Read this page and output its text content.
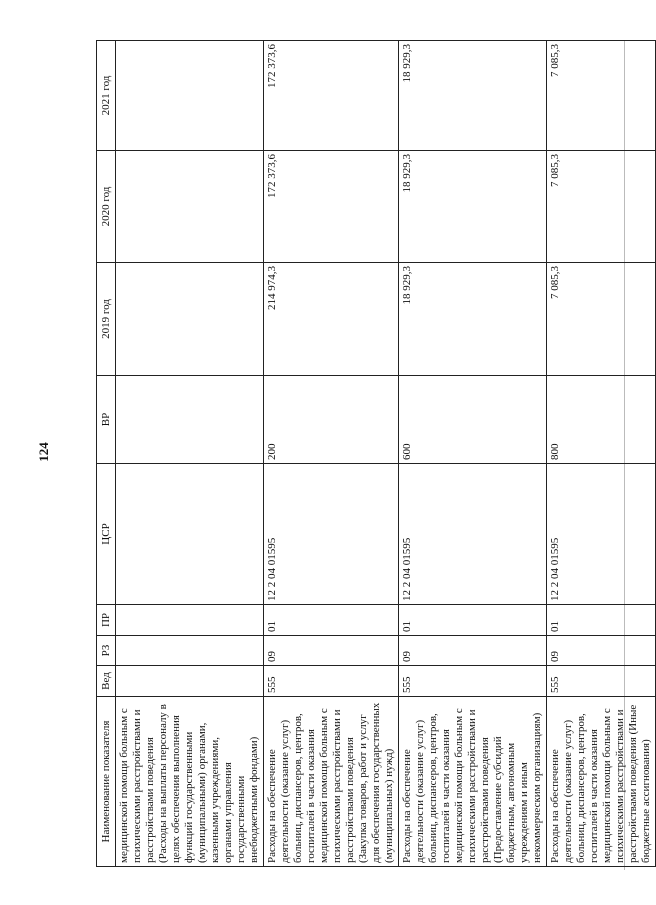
124
Наименование показателя	Вед	РЗ	ПР	ЦСР	ВР	2019 год	2020 год	2021 год
медицинской помощи больным с психическими расстройствами и расстройствами поведения (Расходы на выплаты персоналу в целях обеспечения выполнения функций государственными (муниципальными) органами, казенными учреждениями, органами управления государственными внебюджетными фондами)								
Расходы на обеспечение деятельности (оказание услуг) больниц, диспансеров, центров, госпиталей в части оказания медицинской помощи больным с психическими расстройствами и расстройствами поведения (Закупка товаров, работ и услуг для обеспечения государственных (муниципальных) нужд)	555	09	01	12 2 04 01595	200	214 974,3	172 373,6	172 373,6
Расходы на обеспечение деятельности (оказание услуг) больниц, диспансеров, центров, госпиталей в части оказания медицинской помощи больным с психическими расстройствами и расстройствами поведения (Предоставление субсидий бюджетным, автономным учреждениям и иным некоммерческим организациям)	555	09	01	12 2 04 01595	600	18 929,3	18 929,3	18 929,3
Расходы на обеспечение деятельности (оказание услуг) больниц, диспансеров, центров, госпиталей в части оказания медицинской помощи больным с психическими расстройствами и расстройствами поведения (Иные бюджетные ассигнования)	555	09	01	12 2 04 01595	800	7 085,3	7 085,3	7 085,3
